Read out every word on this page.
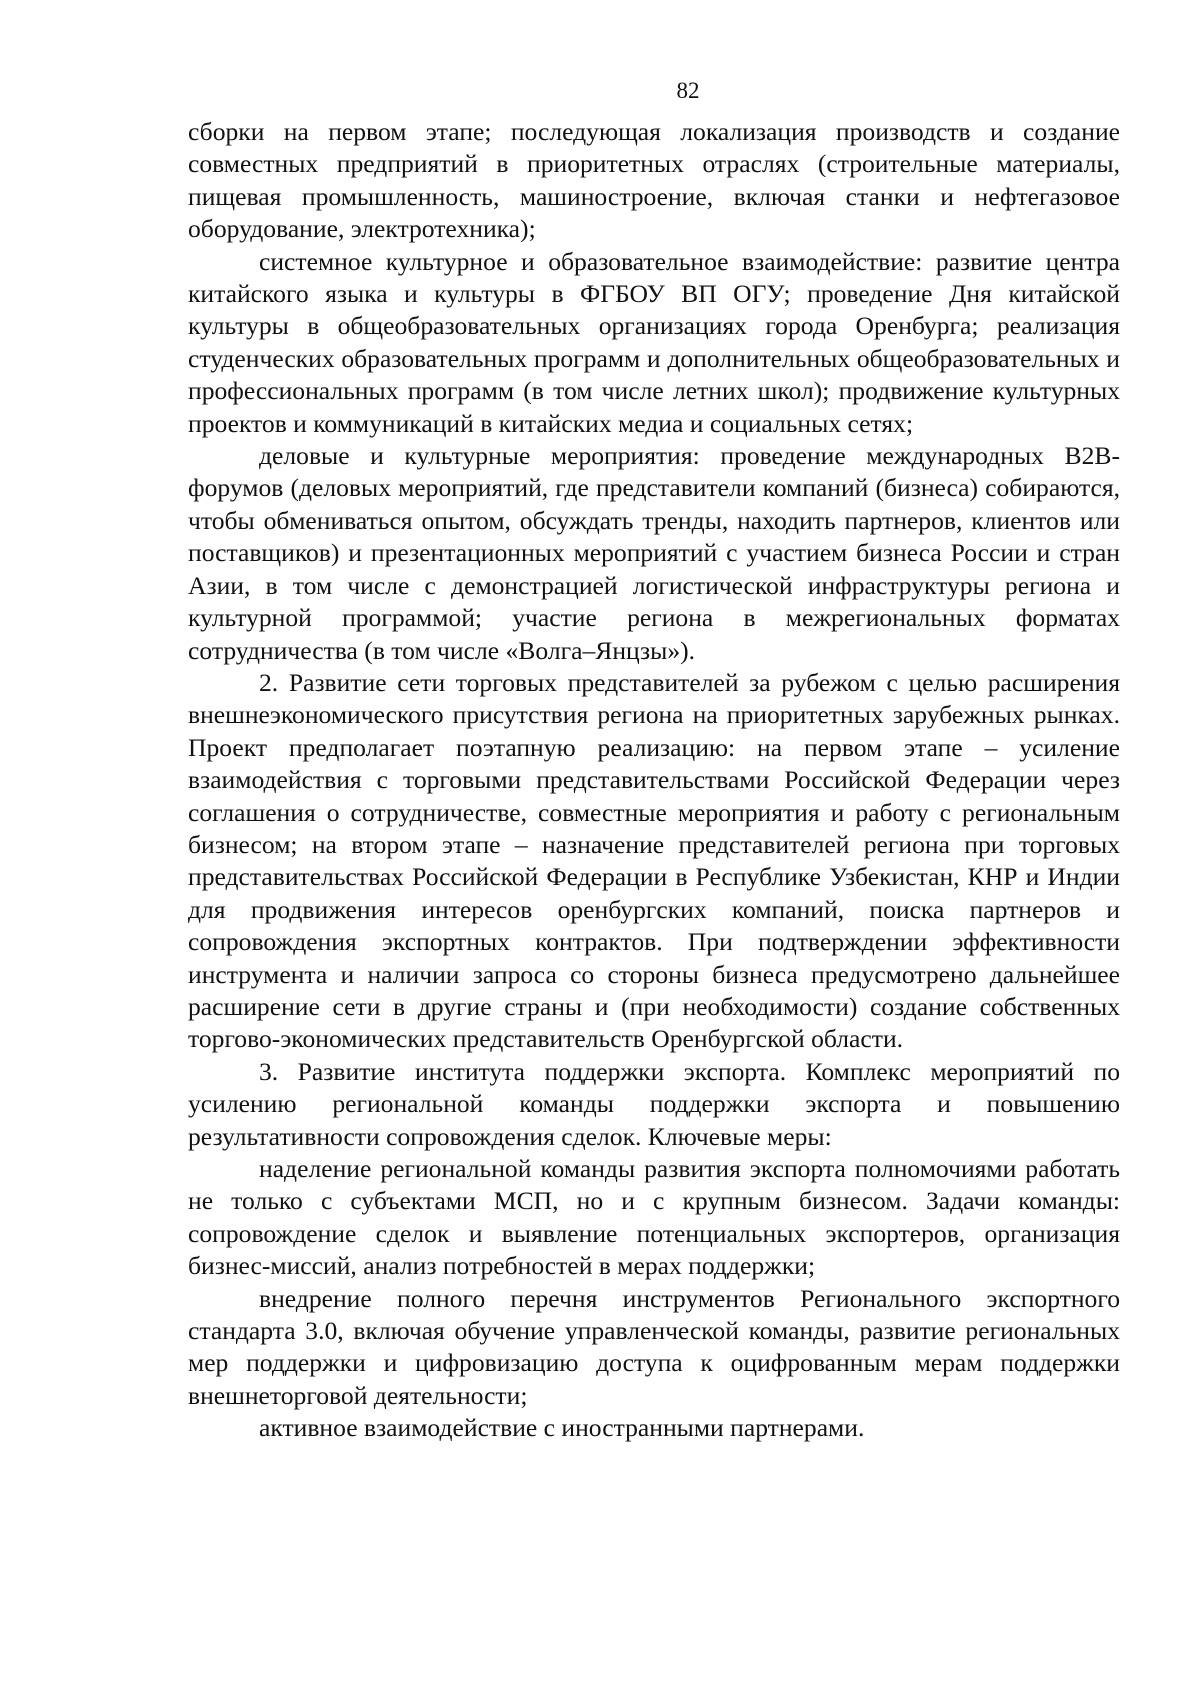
82

сборки на первом этапе; последующая локализация производств и создание совместных предприятий в приоритетных отраслях (строительные материалы, пищевая промышленность, машиностроение, включая станки и нефтегазовое оборудование, электротехника);

системное культурное и образовательное взаимодействие: развитие центра китайского языка и культуры в ФГБОУ ВП ОГУ; проведение Дня китайской культуры в общеобразовательных организациях города Оренбурга; реализация студенческих образовательных программ и дополнительных общеобразовательных и профессиональных программ (в том числе летних школ); продвижение культурных проектов и коммуникаций в китайских медиа и социальных сетях;

деловые и культурные мероприятия: проведение международных B2B-форумов (деловых мероприятий, где представители компаний (бизнеса) собираются, чтобы обмениваться опытом, обсуждать тренды, находить партнеров, клиентов или поставщиков) и презентационных мероприятий с участием бизнеса России и стран Азии, в том числе с демонстрацией логистической инфраструктуры региона и культурной программой; участие региона в межрегиональных форматах сотрудничества (в том числе «Волга–Янцзы»).

2. Развитие сети торговых представителей за рубежом с целью расширения внешнеэкономического присутствия региона на приоритетных зарубежных рынках. Проект предполагает поэтапную реализацию: на первом этапе – усиление взаимодействия с торговыми представительствами Российской Федерации через соглашения о сотрудничестве, совместные мероприятия и работу с региональным бизнесом; на втором этапе – назначение представителей региона при торговых представительствах Российской Федерации в Республике Узбекистан, КНР и Индии для продвижения интересов оренбургских компаний, поиска партнеров и сопровождения экспортных контрактов. При подтверждении эффективности инструмента и наличии запроса со стороны бизнеса предусмотрено дальнейшее расширение сети в другие страны и (при необходимости) создание собственных торгово-экономических представительств Оренбургской области.

3. Развитие института поддержки экспорта. Комплекс мероприятий по усилению региональной команды поддержки экспорта и повышению результативности сопровождения сделок. Ключевые меры:

наделение региональной команды развития экспорта полномочиями работать не только с субъектами МСП, но и с крупным бизнесом. Задачи команды: сопровождение сделок и выявление потенциальных экспортеров, организация бизнес-миссий, анализ потребностей в мерах поддержки;

внедрение полного перечня инструментов Регионального экспортного стандарта 3.0, включая обучение управленческой команды, развитие региональных мер поддержки и цифровизацию доступа к оцифрованным мерам поддержки внешнеторговой деятельности;

активное взаимодействие с иностранными партнерами.
